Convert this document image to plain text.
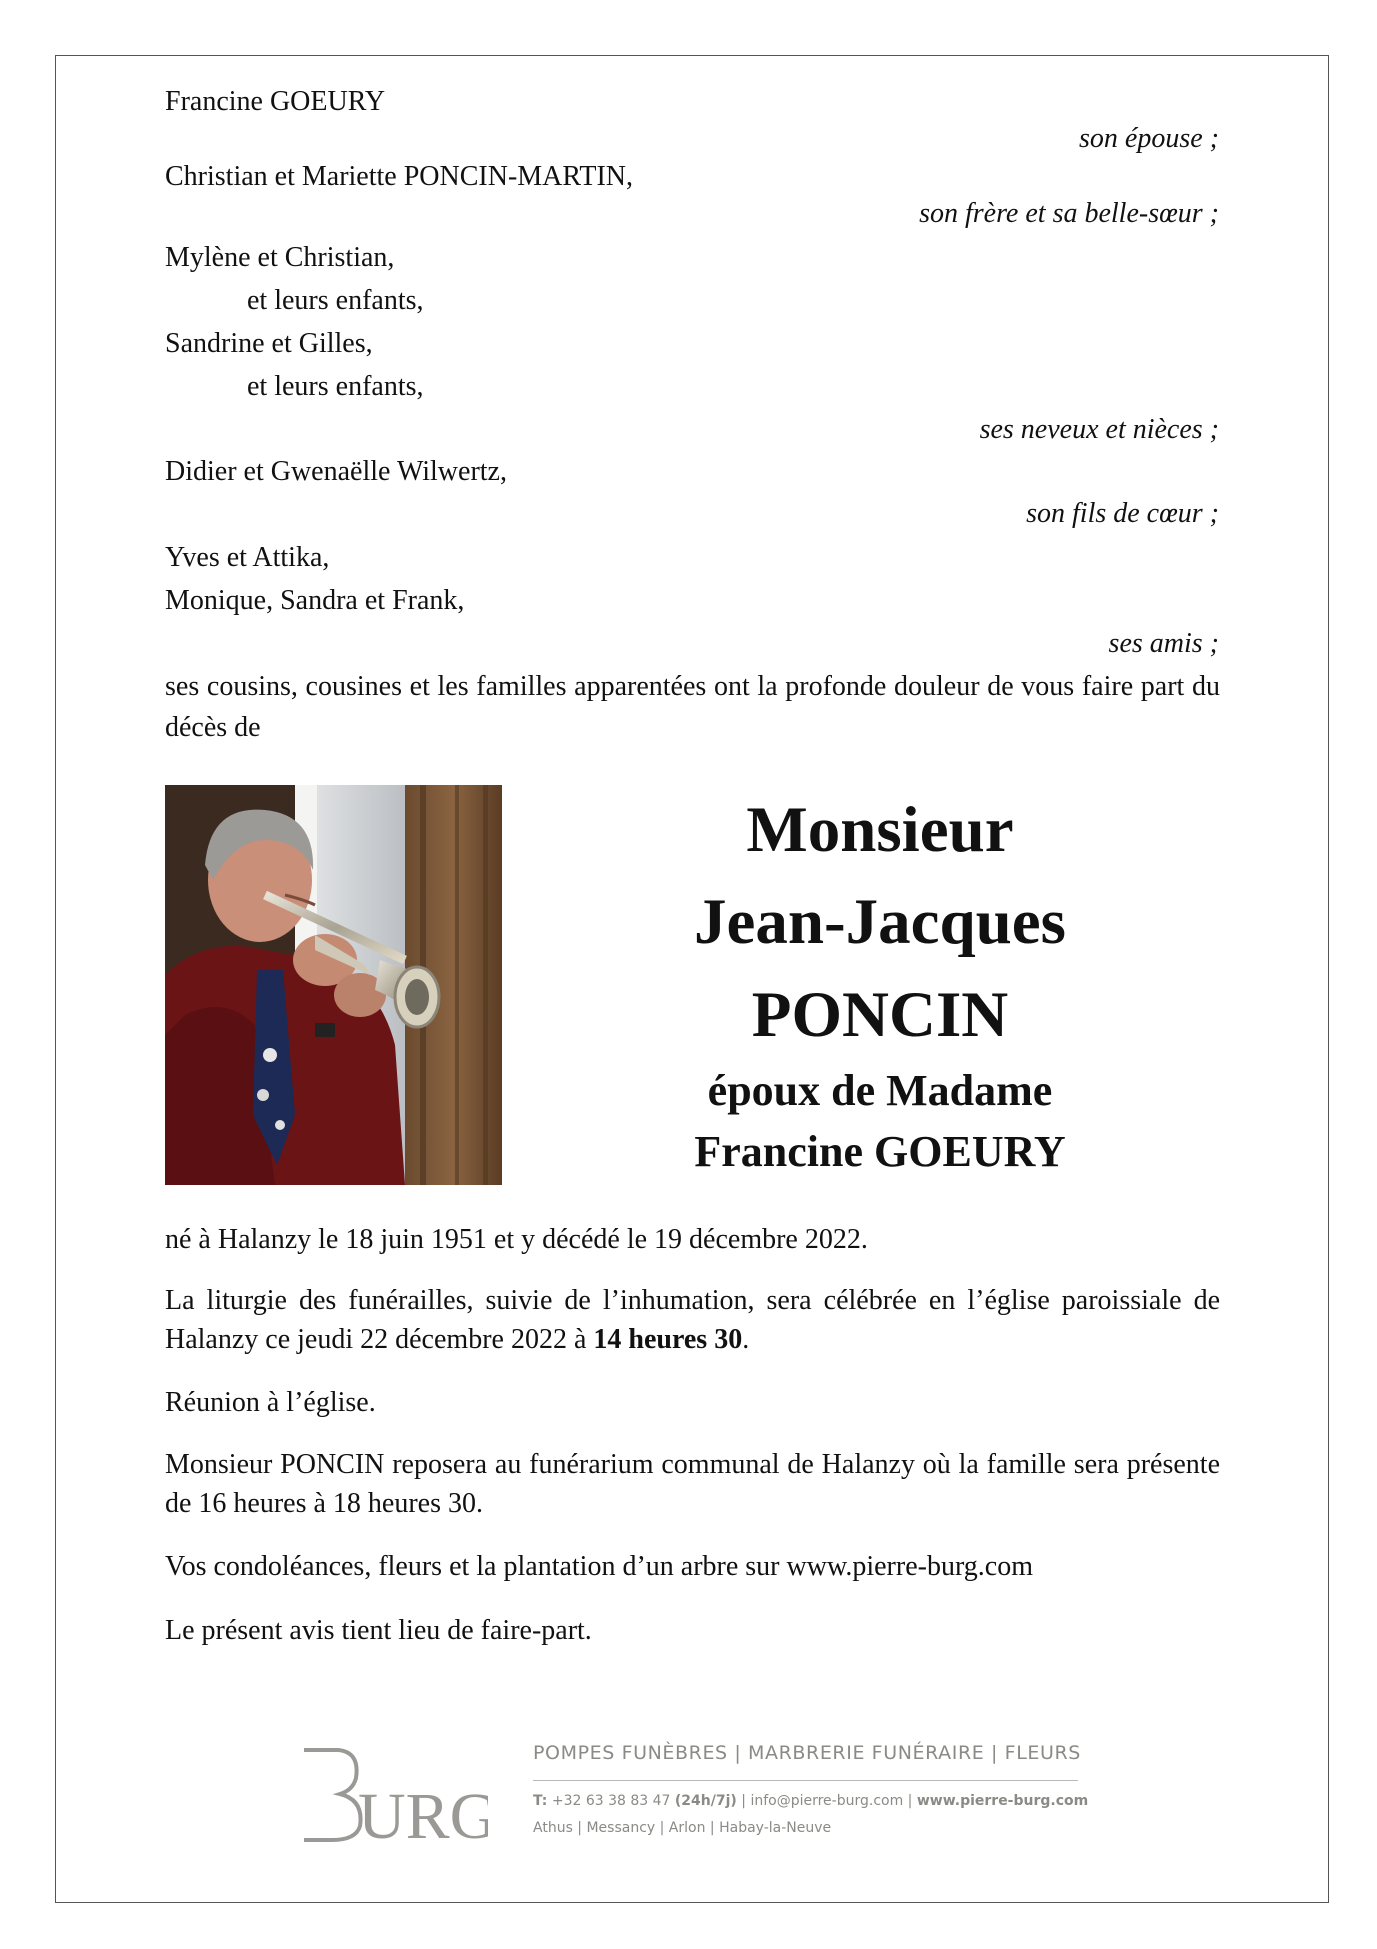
Francine GOEURY
son épouse ;
Christian et Mariette PONCIN-MARTIN,
son frère et sa belle-sœur ;
Mylène et Christian,
et leurs enfants,
Sandrine et Gilles,
et leurs enfants,
ses neveux et nièces ;
Didier et Gwenaëlle Wilwertz,
son fils de cœur ;
Yves et Attika,
Monique, Sandra et Frank,
ses amis ;
ses cousins, cousines et les familles apparentées ont la profonde douleur de vous faire part du décès de
Monsieur
Jean-Jacques
PONCIN
époux de Madame
Francine GOEURY
né à Halanzy le 18 juin 1951 et y décédé le 19 décembre 2022.
La liturgie des funérailles, suivie de l’inhumation, sera célébrée en l’église paroissiale de Halanzy ce jeudi 22 décembre 2022 à 14 heures 30.
Réunion à l’église.
Monsieur PONCIN reposera au funérarium communal de Halanzy où la famille sera présente de 16 heures à 18 heures 30.
Vos condoléances, fleurs et la plantation d’un arbre sur www.pierre-burg.com
Le présent avis tient lieu de faire-part.
URG
POMPES FUNÈBRES | MARBRERIE FUNÉRAIRE | FLEURS
T: +32 63 38 83 47 (24h/7j) | info@pierre-burg.com | www.pierre-burg.com
Athus | Messancy | Arlon | Habay-la-Neuve
